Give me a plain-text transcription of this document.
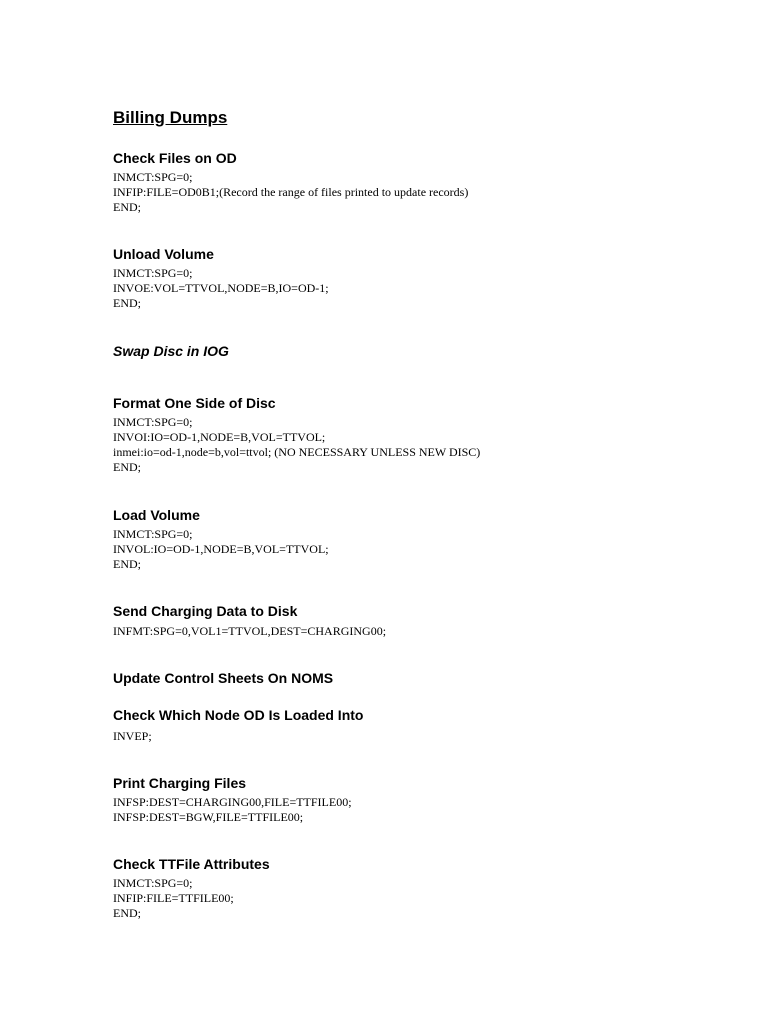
Billing Dumps
Check Files on OD
INMCT:SPG=0;
INFIP:FILE=OD0B1;(Record the range of files printed to update records)
END;
Unload Volume
INMCT:SPG=0;
INVOE:VOL=TTVOL,NODE=B,IO=OD-1;
END;
Swap Disc in IOG
Format One Side of Disc
INMCT:SPG=0;
INVOI:IO=OD-1,NODE=B,VOL=TTVOL;
inmei:io=od-1,node=b,vol=ttvol; (NO NECESSARY UNLESS NEW DISC)
END;
Load Volume
INMCT:SPG=0;
INVOL:IO=OD-1,NODE=B,VOL=TTVOL;
END;
Send Charging Data to Disk
INFMT:SPG=0,VOL1=TTVOL,DEST=CHARGING00;
Update Control Sheets On NOMS
Check Which Node OD Is Loaded Into
INVEP;
Print Charging Files
INFSP:DEST=CHARGING00,FILE=TTFILE00;
INFSP:DEST=BGW,FILE=TTFILE00;
Check TTFile Attributes
INMCT:SPG=0;
INFIP:FILE=TTFILE00;
END;
